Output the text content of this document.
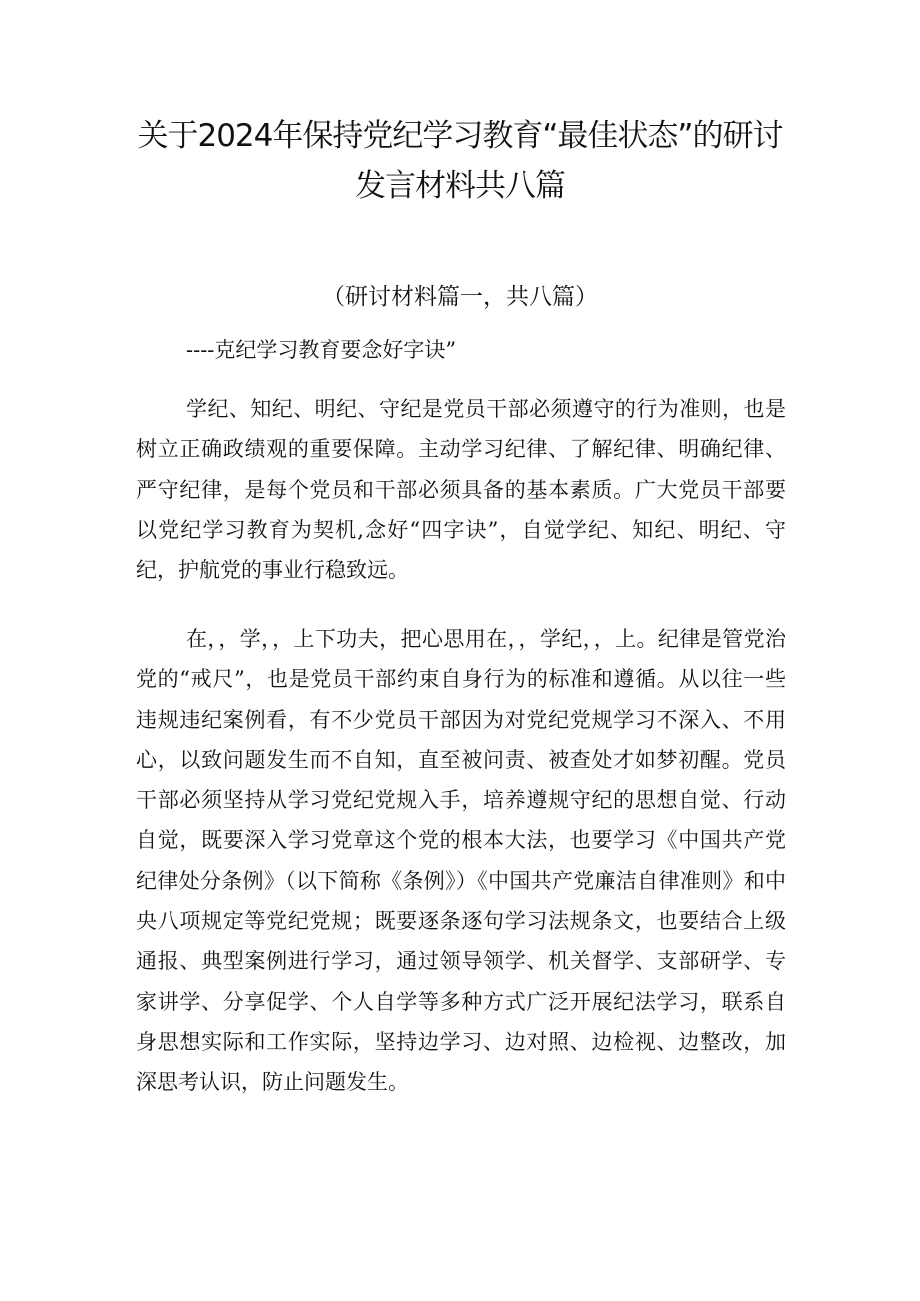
关于2024年保持党纪学习教育“最佳状态”的研讨
发言材料共八篇
（研讨材料篇一，共八篇）
----克纪学习教育要念好字诀”

学纪、知纪、明纪、守纪是党员干部必须遵守的行为准则，也是树立正确政绩观的重要保障。主动学习纪律、了解纪律、明确纪律、严守纪律，是每个党员和干部必须具备的基本素质。广大党员干部要以党纪学习教育为契机,念好“四字诀”，自觉学纪、知纪、明纪、守纪，护航党的事业行稳致远。

在，，学，，上下功夫，把心思用在，，学纪，，上。纪律是管党治党的“戒尺”，也是党员干部约束自身行为的标准和遵循。从以往一些违规违纪案例看，有不少党员干部因为对党纪党规学习不深入、不用心，以致问题发生而不自知，直至被问责、被查处才如梦初醒。党员干部必须坚持从学习党纪党规入手，培养遵规守纪的思想自觉、行动自觉，既要深入学习党章这个党的根本大法，也要学习《中国共产党纪律处分条例》（以下简称《条例》）《中国共产党廉洁自律准则》和中央八项规定等党纪党规；既要逐条逐句学习法规条文，也要结合上级通报、典型案例进行学习，通过领导领学、机关督学、支部研学、专家讲学、分享促学、个人自学等多种方式广泛开展纪法学习，联系自身思想实际和工作实际，坚持边学习、边对照、边检视、边整改，加深思考认识，防止问题发生。
